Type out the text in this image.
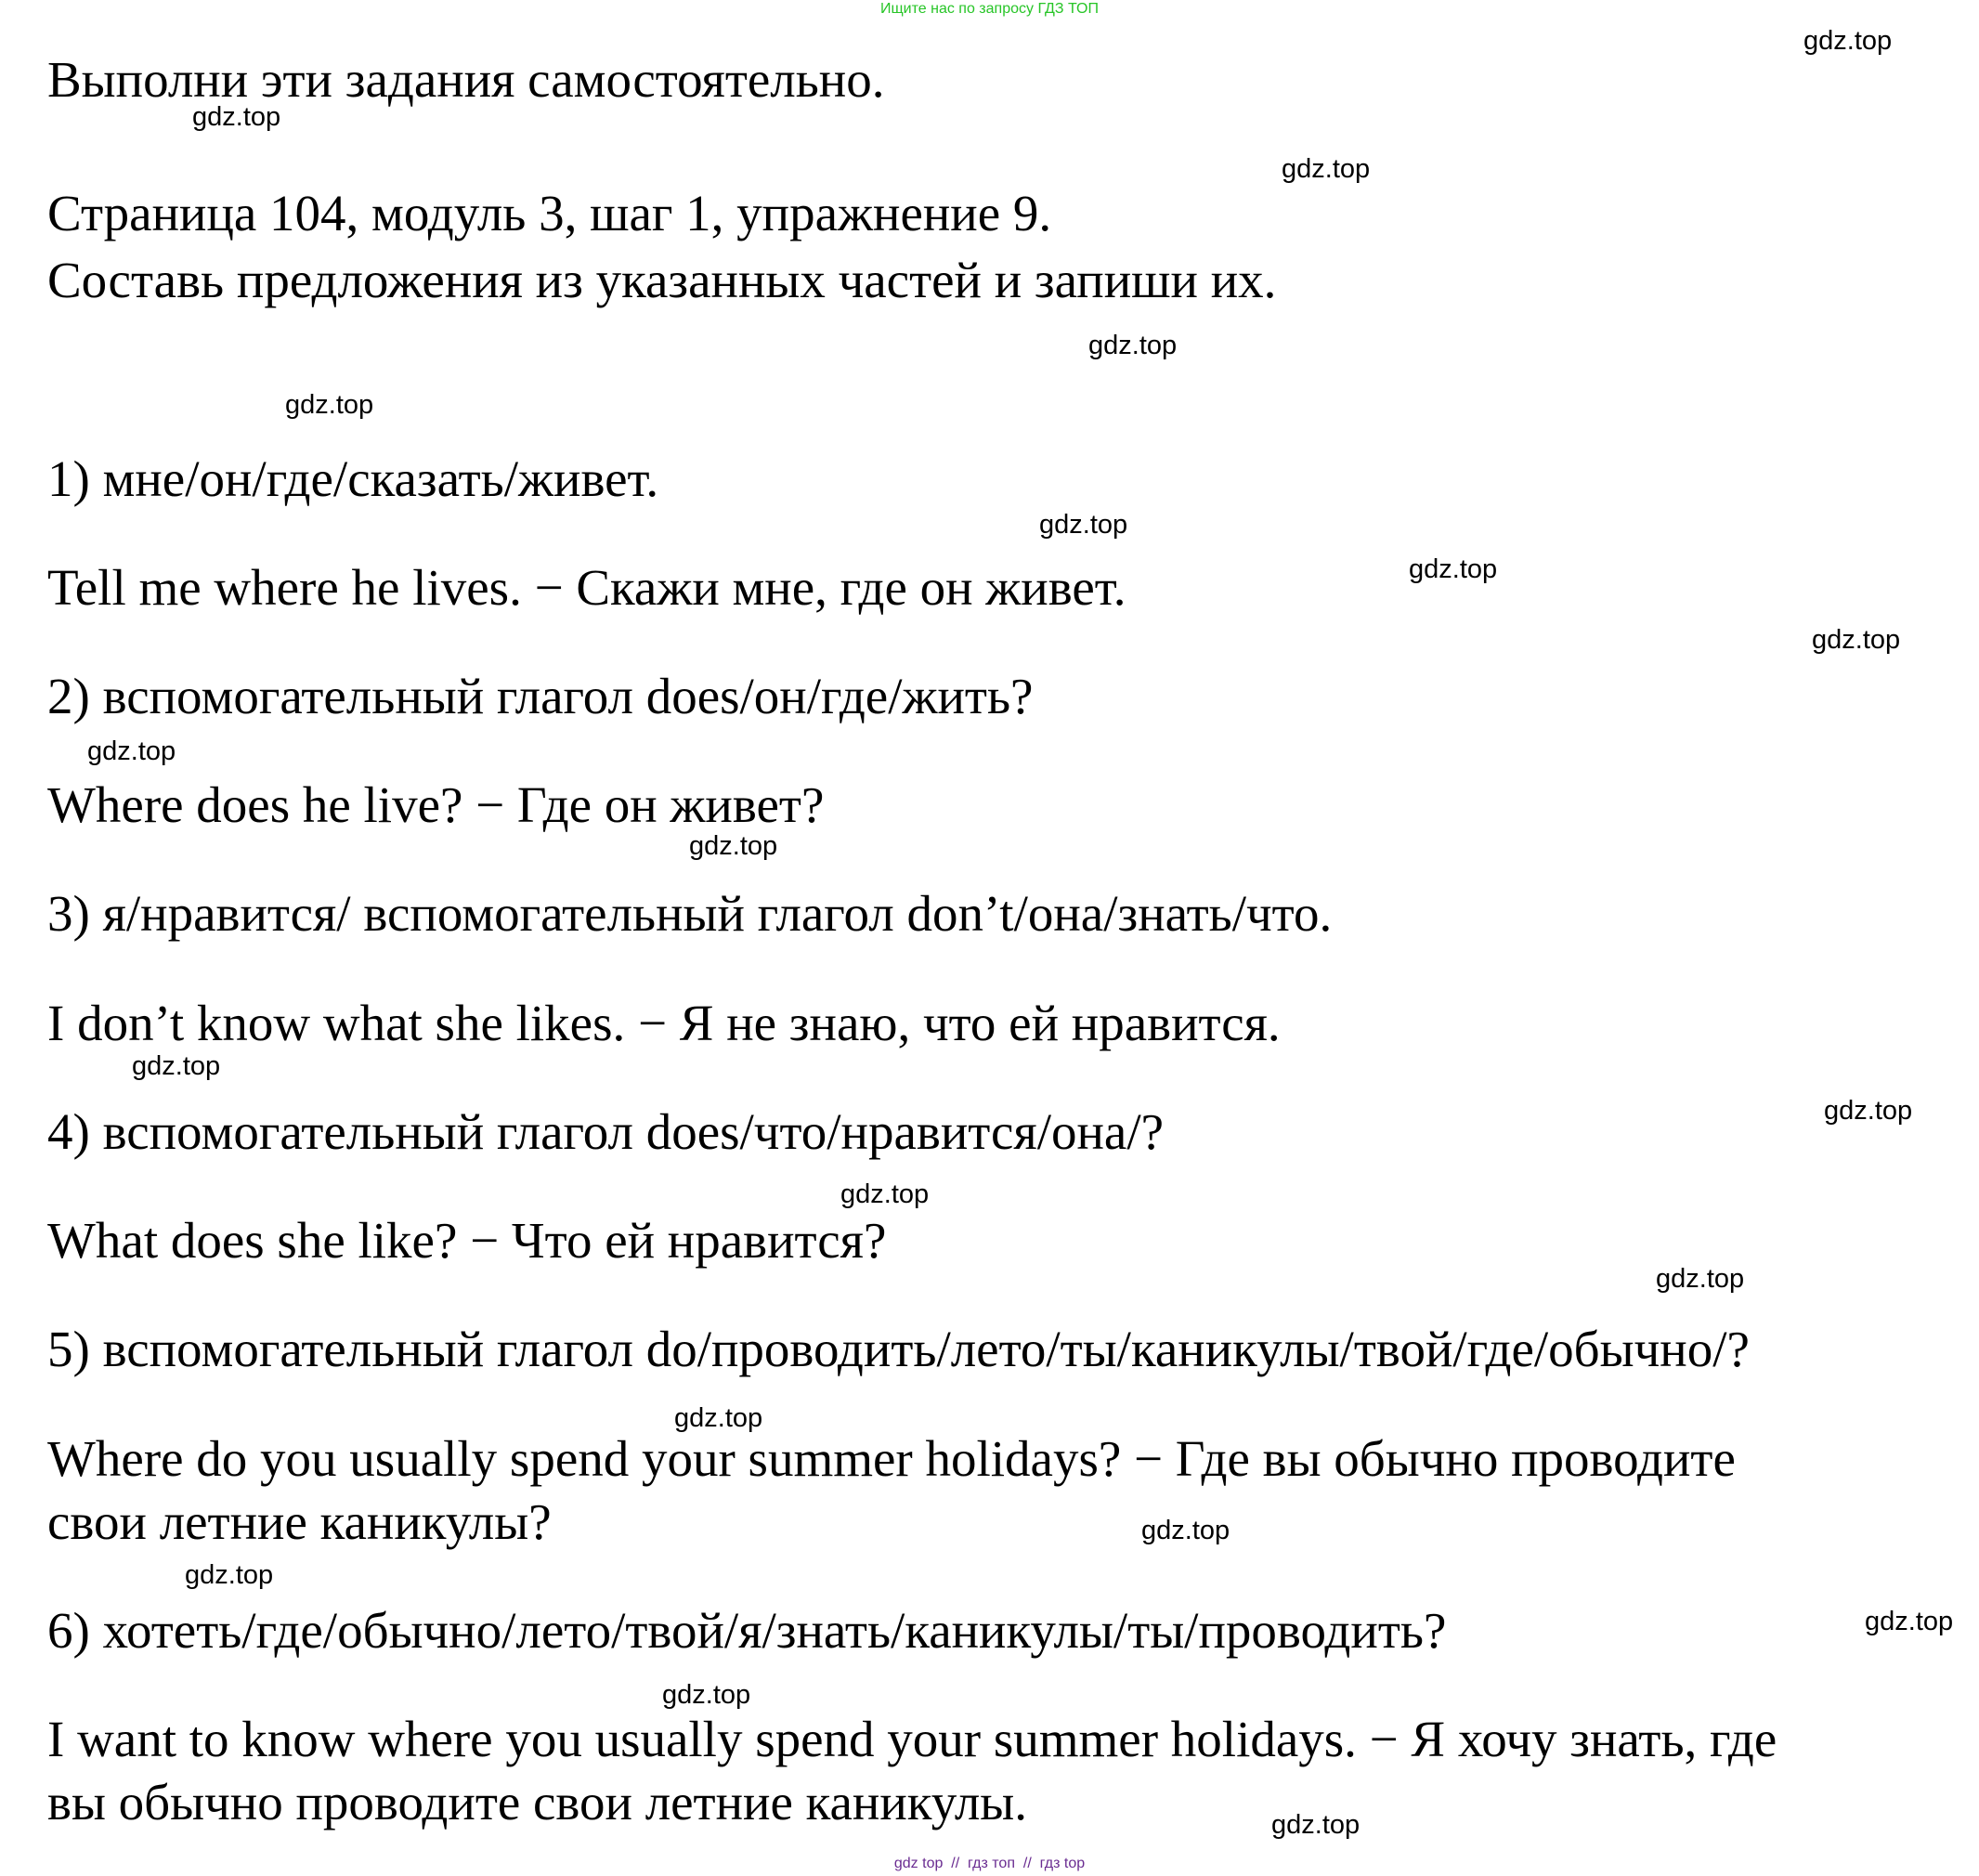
Ищите нас по запросу ГДЗ ТОП
Выполни эти задания самостоятельно.
Страница 104, модуль 3, шаг 1, упражнение 9.
Составь предложения из указанных частей и запиши их.
1) мне/он/где/сказать/живет.
Tell me where he lives. − Скажи мне, где он живет.
2) вспомогательный глагол does/он/где/жить?
Where does he live? − Где он живет?
3) я/нравится/ вспомогательный глагол don’t/она/знать/что.
I don’t know what she likes. − Я не знаю, что ей нравится.
4) вспомогательный глагол does/что/нравится/она/?
What does she like? − Что ей нравится?
5) вспомогательный глагол do/проводить/лето/ты/каникулы/твой/где/обычно/?
Where do you usually spend your summer holidays? − Где вы обычно проводите
свои летние каникулы?
6) хотеть/где/обычно/лето/твой/я/знать/каникулы/ты/проводить?
I want to know where you usually spend your summer holidays. − Я хочу знать, где
вы обычно проводите свои летние каникулы.
gdz.top
gdz.top
gdz.top
gdz.top
gdz.top
gdz.top
gdz.top
gdz.top
gdz.top
gdz.top
gdz.top
gdz.top
gdz.top
gdz.top
gdz.top
gdz.top
gdz.top
gdz.top
gdz.top
gdz.top
gdz top  //  гдз топ  //  гдз top
